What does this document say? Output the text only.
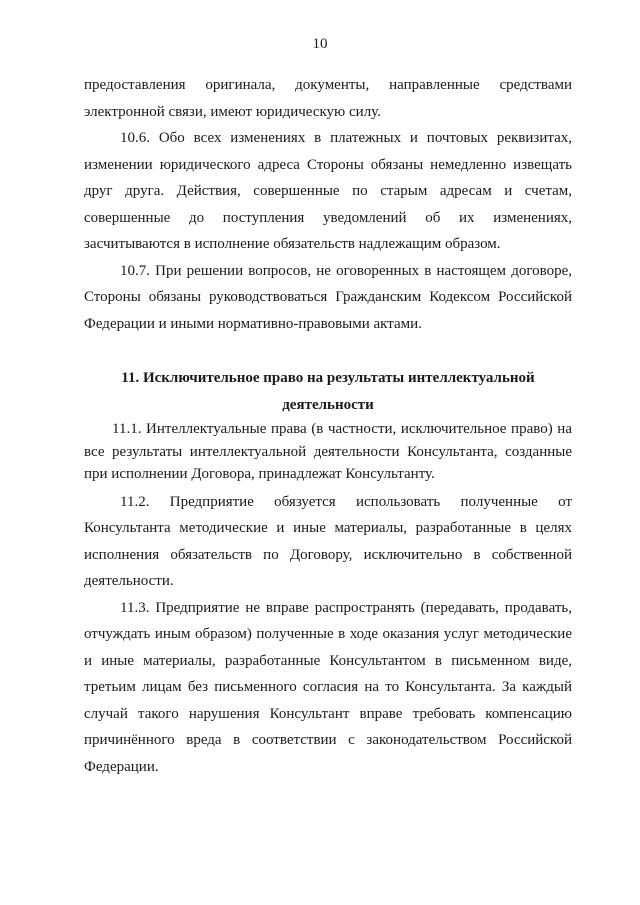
10

предоставления оригинала, документы, направленные средствами электронной связи, имеют юридическую силу.

10.6. Обо всех изменениях в платежных и почтовых реквизитах, изменении юридического адреса Стороны обязаны немедленно извещать друг друга. Действия, совершенные по старым адресам и счетам, совершенные до поступления уведомлений об их изменениях, засчитываются в исполнение обязательств надлежащим образом.

10.7. При решении вопросов, не оговоренных в настоящем договоре, Стороны обязаны руководствоваться Гражданским Кодексом Российской Федерации и иными нормативно-правовыми актами.

11. Исключительное право на результаты интеллектуальной деятельности

11.1. Интеллектуальные права (в частности, исключительное право) на все результаты интеллектуальной деятельности Консультанта, созданные при исполнении Договора, принадлежат Консультанту.

11.2. Предприятие обязуется использовать полученные от Консультанта методические и иные материалы, разработанные в целях исполнения обязательств по Договору, исключительно в собственной деятельности.

11.3. Предприятие не вправе распространять (передавать, продавать, отчуждать иным образом) полученные в ходе оказания услуг методические и иные материалы, разработанные Консультантом в письменном виде, третьим лицам без письменного согласия на то Консультанта. За каждый случай такого нарушения Консультант вправе требовать компенсацию причинённого вреда в соответствии с законодательством Российской Федерации.
